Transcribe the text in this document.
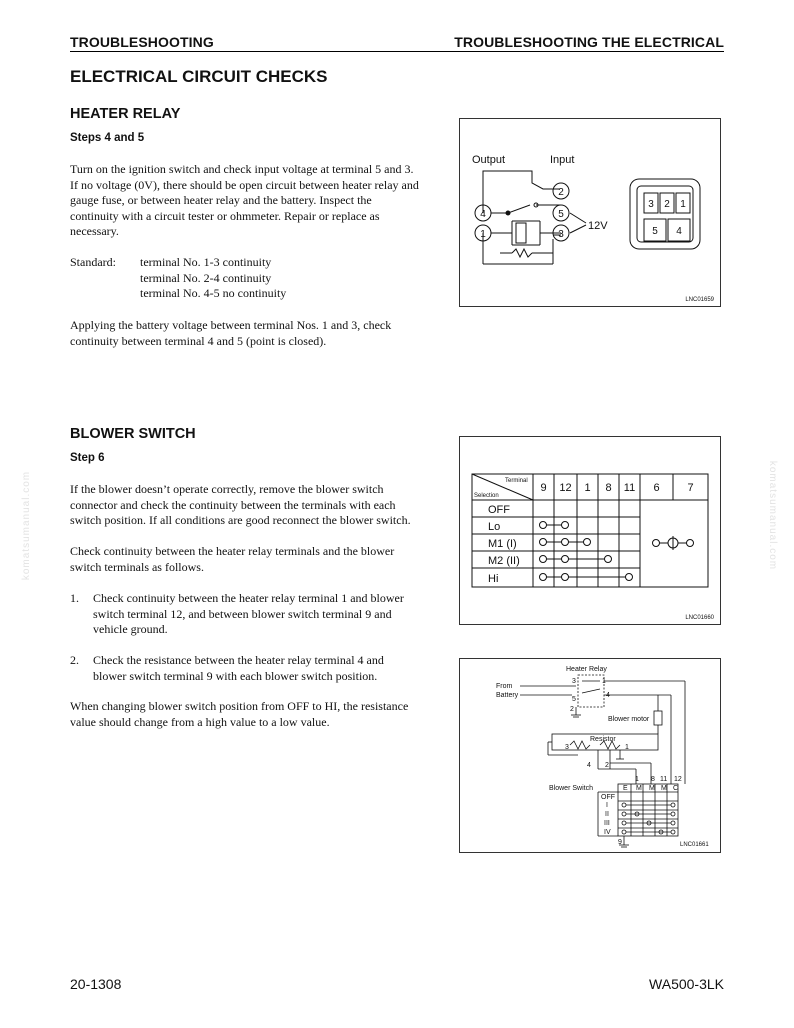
TROUBLESHOOTING	TROUBLESHOOTING THE ELECTRICAL
ELECTRICAL CIRCUIT CHECKS
HEATER RELAY
Steps 4 and 5

Turn on the ignition switch and check input voltage at terminal 5 and 3.

If no voltage (0V), there should be open circuit between heater relay and

gauge fuse, or between heater relay and the battery. Inspect the

continuity with a circuit tester or ohmmeter. Repair or replace as

necessary.

Standard:	terminal No. 1-3 continuity
	terminal No. 2-4 continuity
	terminal No. 4-5 no continuity

Applying the battery voltage between terminal Nos. 1 and 3, check

continuity between terminal 4 and 5 (point is closed).

Output	Input
12V
4
1
2
5
3
3 2 1
5 4
LNC01659
BLOWER SWITCH
Step 6

If the blower doesn’t operate correctly, remove the blower switch

connector and check the continuity between the terminals with each

switch position. If all conditions are good reconnect the blower switch.

Check continuity between the heater relay terminals and the blower

switch terminals as follows.

1. Check continuity between the heater relay terminal 1 and blower
switch terminal 12, and between blower switch terminal 9 and
vehicle ground.
2. Check the resistance between the heater relay terminal 4 and
blower switch terminal 9 with each blower switch position.

When changing blower switch position from OFF to HI, the resistance

value should change from a high value to a low value.

Terminal
Selection
9 12 1 8 11 6	7
OFF
Lo
M1 (I)
M2 (II)
Hi
LNC01660
Heater Relay
From
Battery
Blower motor
Resistor
Blower Switch
3	1
5
4
2
3	1
4 2
1 8 11 12
9
E M M M C
OFF
I
II
III
IV
LNC01661
komatsumanual.com	komatsumanual.com
20-1308	WA500-3LK
